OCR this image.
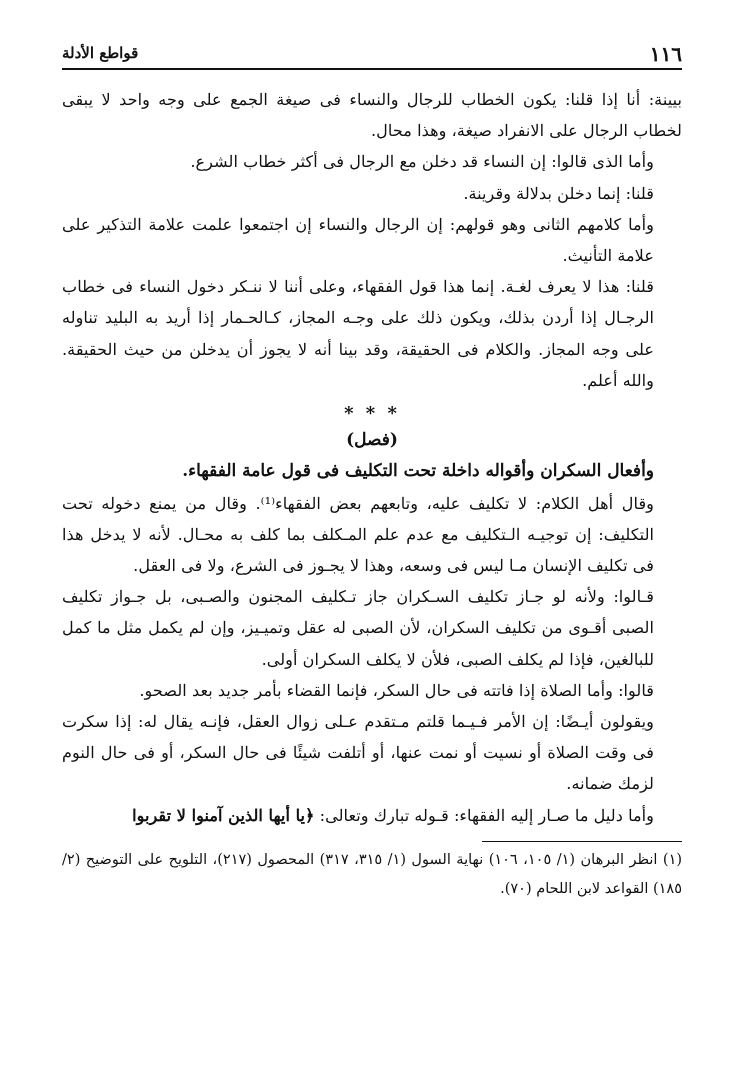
١١٦
قواطع الأدلة

بيينة: أنا إذا قلنا: يكون الخطاب للرجال والنساء فى صيغة الجمع على وجه واحد لا يبقى لخطاب الرجال على الانفراد صيغة، وهذا محال.

وأما الذى قالوا: إن النساء قد دخلن مع الرجال فى أكثر خطاب الشرع.

قلنا: إنما دخلن بدلالة وقرينة.

وأما كلامهم الثانى وهو قولهم: إن الرجال والنساء إن اجتمعوا علمت علامة التذكير على علامة التأنيث.

قلنا: هذا لا يعرف لغـة. إنما هذا قول الفقهاء، وعلى أننا لا ننـكر دخول النساء فى خطاب الرجـال إذا أردن بذلك، ويكون ذلك على وجـه المجاز، كـالحـمار إذا أريد به البليد تناوله على وجه المجاز. والكلام فى الحقيقة، وقد بينا أنه لا يجوز أن يدخلن من حيث الحقيقة. والله أعلم.

* * *
(فصل)

وأفعال السكران وأقواله داخلة تحت التكليف فى قول عامة الفقهاء.

وقال أهل الكلام: لا تكليف عليه، وتابعهم بعض الفقهاء⁽¹⁾. وقال من يمنع دخوله تحت التكليف: إن توجيـه الـتكليف مع عدم علم المـكلف بما كلف به محـال. لأنه لا يدخل هذا فى تكليف الإنسان مـا ليس فى وسعه، وهذا لا يجـوز فى الشرع، ولا فى العقل.

قـالوا: ولأنه لو جـاز تكليف السـكران جاز تـكليف المجنون والصـبى، بل جـواز تكليف الصبى أقـوى من تكليف السكران، لأن الصبى له عقل وتميـيز، وإن لم يكمل مثل ما كمل للبالغين، فإذا لم يكلف الصبى، فلأن لا يكلف السكران أولى.

قالوا: وأما الصلاة إذا فاتته فى حال السكر، فإنما القضاء بأمر جديد بعد الصحو.

ويقولون أيـضًا: إن الأمر فـيـما قلتم مـتقدم عـلى زوال العقل، فإنـه يقال له: إذا سكرت فى وقت الصلاة أو نسيت أو نمت عنها، أو أتلفت شيئًا فى حال السكر، أو فى حال النوم لزمك ضمانه.

وأما دليل ما صـار إليه الفقهاء: قـوله تبارك وتعالى: ﴿يا أيها الذين آمنوا لا تقربوا

(١) انظر البرهان (١/ ١٠٥، ١٠٦) نهاية السول (١/ ٣١٥، ٣١٧) المحصول (٢١٧)، التلويح على التوضيح (٢/ ١٨٥) القواعد لابن اللحام (٧٠).
